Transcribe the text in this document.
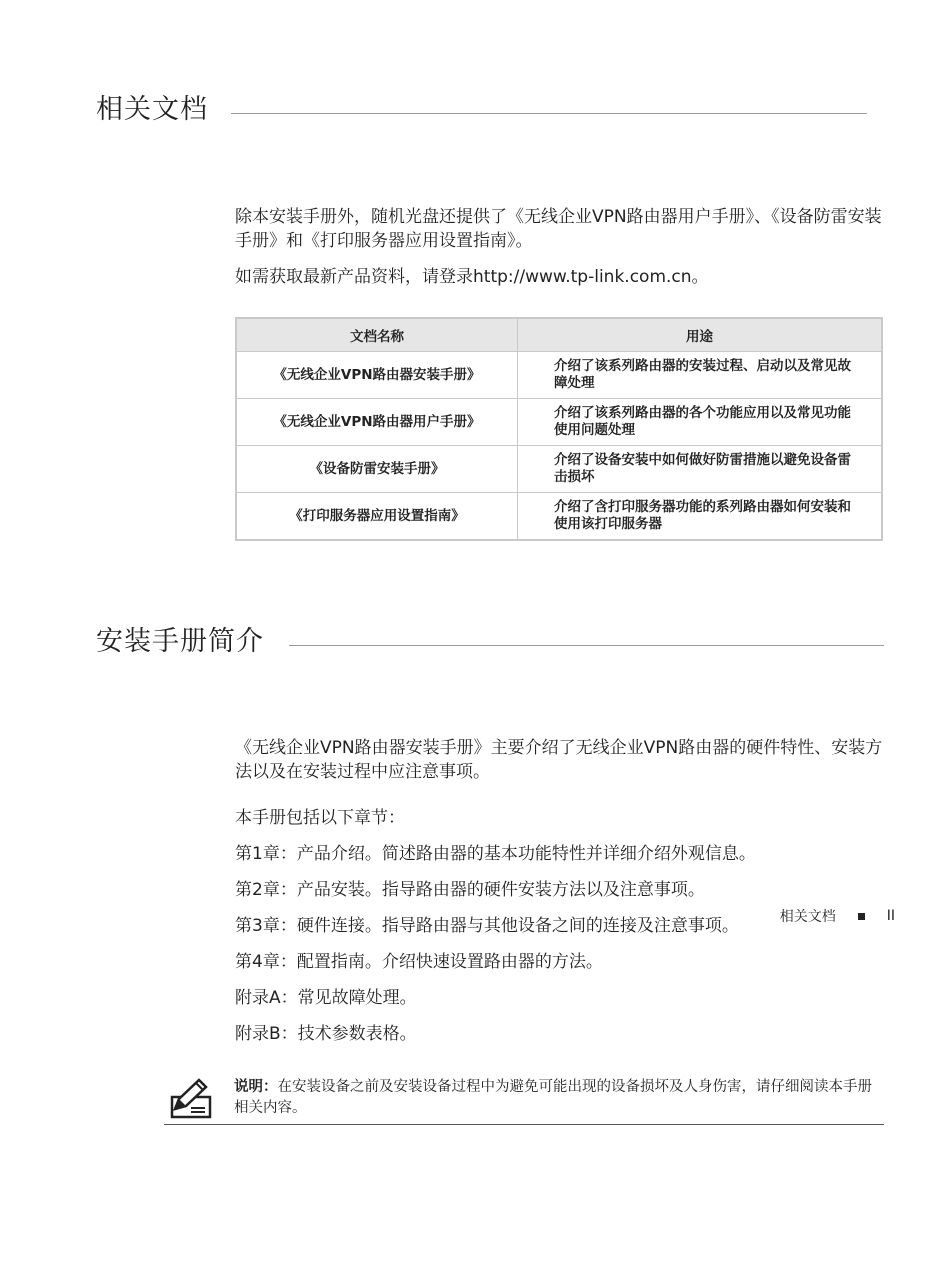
相关文档
除本安装手册外，随机光盘还提供了《无线企业VPN路由器用户手册》、《设备防雷安装手册》和《打印服务器应用设置指南》。
如需获取最新产品资料，请登录http://www.tp-link.com.cn。
文档名称	用途
《无线企业VPN路由器安装手册》	介绍了该系列路由器的安装过程、启动以及常见故障处理
《无线企业VPN路由器用户手册》	介绍了该系列路由器的各个功能应用以及常见功能使用问题处理
《设备防雷安装手册》	介绍了设备安装中如何做好防雷措施以避免设备雷击损坏
《打印服务器应用设置指南》	介绍了含打印服务器功能的系列路由器如何安装和使用该打印服务器
安装手册简介
《无线企业VPN路由器安装手册》主要介绍了无线企业VPN路由器的硬件特性、安装方法以及在安装过程中应注意事项。
本手册包括以下章节：
第1章：产品介绍。简述路由器的基本功能特性并详细介绍外观信息。
第2章：产品安装。指导路由器的硬件安装方法以及注意事项。
第3章：硬件连接。指导路由器与其他设备之间的连接及注意事项。
第4章：配置指南。介绍快速设置路由器的方法。
附录A：常见故障处理。
附录B：技术参数表格。
说明：在安装设备之前及安装设备过程中为避免可能出现的设备损坏及人身伤害，请仔细阅读本手册相关内容。
相关文档	II
